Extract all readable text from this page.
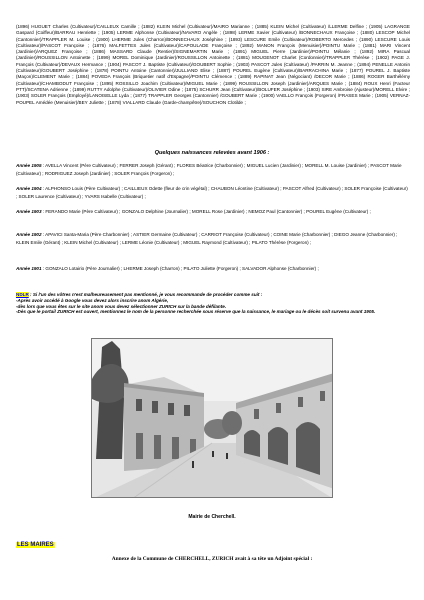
(1896) HUGUET Charles (Cultivateur)/CAILLEUX Camille ; (1882) KLEIN Michel (Cultivateur)/MAIRO Marianne ; (1885) KLEIN Michel (Cultivateur) /LLERME Delfine ; (1905) LAGRANGE Gaspard (Coiffeur)/BARRAU Henriette ; (1905) LERME Alphonse (Cultivateur)/NAVARO Angèle ; (1898) LERME Xavier (Cultivateur) /BONNECHAUX Françoise ; (1880) LESCOP Michel (Cantonnier)/TRAPPLER M. Louise ; (1900) LHERME Jules (Charron)/BONNECHAUX Joséphine ; (1893) LESCURE Emile (Cultivateur)/ROBERTO Mercedes ; (1890) LESCURE Louis (Cultivateur)/PASCOT Françoise ; (1876) MALFETTES Jules (Cultivateur)/CAPOULADE Françoise ; (1892) MANON François (Menuisier)/POINTU Marie ; (1881) MARI Vincent (Jardinier)/ARQUEZ Françoise ; (1886) MASSARD Claude (Rentier)/SIGNEMARTIN Marie ; (1891) MIGUEL Pierre (Jardinier)/POINTU Mélanie ; (1892) MIRA Pascual (Jardinier)/ROUSSILLON Antoinette ; (1899) MOREL Dominique (Jardinier)/ROUSSILLON Antoinette ; (1881) MOUGENOT Charlet (Cordonnier)/TRAPPLER Thérèse ; (1902) PAGE J. François (Cultivateur)/DEVAUX Hermance ; (1904) PASCOT J. Baptiste (Cultivateur)/GOUBERT Sophie ; (1903) PASCOT Jules (Cultivateur) /PARRIN M. Jeanne ; (1894) PENELLE Antonin (Cultivateur)/GOUBERT Joséphine ; (1878) POINTU Antoine (Cantonnier)/JULLIAND Elise ; (1887) POUREL Eugène (Cultivateur)/BARRACHINA Marie ; (1877) POUREL J. Baptiste (Maçon)/CLEMENT Marie ; (1884) POVEDA François (Briquetier natif d'Espagne)/POINTU Clémence ; (1889) RAPINAT Jean (Négociant) /DECOR Marie ; (1886) ROGER Barthélémy (Cultivateur)/CHAMBODUT Françoise ; (1895) ROSSILLO Joachim (Cultivateur)/MIGUEL Marie ; (1899) ROUSSILLON Joseph (Jardinier)/ARQUES Marie ; (1884) ROUX Henri (Facteur PTT)/SCATENA Adrienne ; (1899) RUTTY Adolphe (Cultivateur)/OLIVIER Odine ; (1875) SCHURR Jean (Cultivateur)/BOLUFER Joséphine ; (1903) SIRE Ambroise (Ajusteur)/MORELL Elvire ; (1903) SOLER François (Employé)/LANOISELLE Lyda ; (1877) TRAPPLER Georges (Cantonnier) /GOUBERT Marie ; (1900) VAELLO François (Forgeron) /FRASES Marie ; (1905) VERNAZ-POUPEL Amédée (Menuisier)/BEY Juliette ; (1878) VIALLARD Claude (Garde-champêtre)/SOUCHON Clotilde ;
Quelques naissances relevées avant 1906 :
Année 1905 : AVELLA Vincent (Père Cultivateur) ; FERRER Joseph (Gérant) ; FLORES Béatrice (Charbonnier) ; MIGUEL Lucien (Jardinier) ; MORELL M. Louise (Jardinier) ; PASCOT Marie (Cultivateur) ; RODRIGUEZ Joseph (Jardinier) ; SOLER François (Forgeron) ;
Année 1904 : ALPHONSO Louis (Père Cultivateur) ; CAILLIEUX Odette (fleur de crin végétal) ; CHAUBON Léontine (Cultivateur) ; PASCOT Alfred (Cultivateur) ; SOLER Françoise (Cultivateur) ; SOLER Laurence (Cultivateur) ; YVARS Isabelle (Cultivateur) ;
Année 1903 : FERANDO Marie (Père Cultivateur) ; GONZALO Delphine (Journalier) ; MORELL Rose (Jardinier) ; NEMOZ Paul (Cantonnier) ; POUREL Eugène (Cultivateur) ;
Année 1902 : APAVICI Santa-Maria (Père Charbonnier) ; ASTIER Germaine (Cultivateur) ; CARRIOT Françoise (Cultivateur) ; COINE Marie (Charbonnier) ; DIEGO Jeanne (Charbonnier) ; KLEIN Emile (Gérant) ; KLEIN Michel (Cultivateur) ; LERME Léonie (Cultivateur) ; MIGUEL Raymond (Cultivateur) ; PILATO Thérèse (Forgeron) ;
Année 1901 : GONZALO Lotairio (Père Journalier) ; LHERME Joseph (Charron) ; PILATO Juliette (Forgeron) ; SALVADOR Alphonse (Charbonnier) ;
NDLR : Si l'un des vôtres n'est malheureusement pas mentionné, je vous recommande de procéder comme suit :
-Après avoir accédé à Google vous devez alors inscrire anom Algérie,
-dès lors que vous êtes sur le site anom vous devez sélectionner ZURICH sur la bande défilante.
-Dès que le portail ZURICH est ouvert, mentionnez le nom de la personne recherchée sous réserve que la naissance, le mariage ou le décès soit survenu avant 1905.
Mairie de Cherchell.
LES MAIRES
Annexe de la Commune de CHERCHELL, ZURICH avait à sa tête un Adjoint spécial :
